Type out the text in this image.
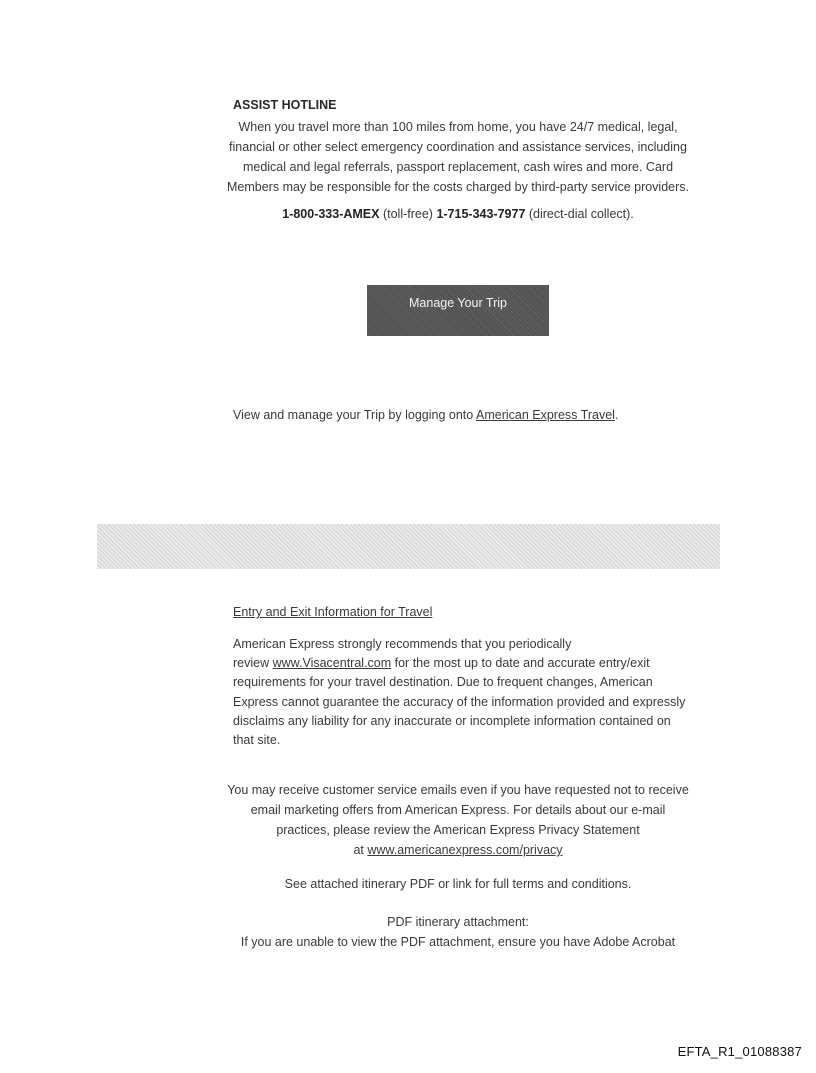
ASSIST HOTLINE
When you travel more than 100 miles from home, you have 24/7 medical, legal,
financial or other select emergency coordination and assistance services, including
medical and legal referrals, passport replacement, cash wires and more. Card
Members may be responsible for the costs charged by third-party service providers.
1-800-333-AMEX (toll-free) 1-715-343-7977 (direct-dial collect).
Manage Your Trip
View and manage your Trip by logging onto American Express Travel.
Entry and Exit Information for Travel
American Express strongly recommends that you periodically
review www.Visacentral.com for the most up to date and accurate entry/exit
requirements for your travel destination. Due to frequent changes, American
Express cannot guarantee the accuracy of the information provided and expressly
disclaims any liability for any inaccurate or incomplete information contained on
that site.
You may receive customer service emails even if you have requested not to receive
email marketing offers from American Express. For details about our e-mail
practices, please review the American Express Privacy Statement
at www.americanexpress.com/privacy
See attached itinerary PDF or link for full terms and conditions.
PDF itinerary attachment:
If you are unable to view the PDF attachment, ensure you have Adobe Acrobat
EFTA_R1_01088387
